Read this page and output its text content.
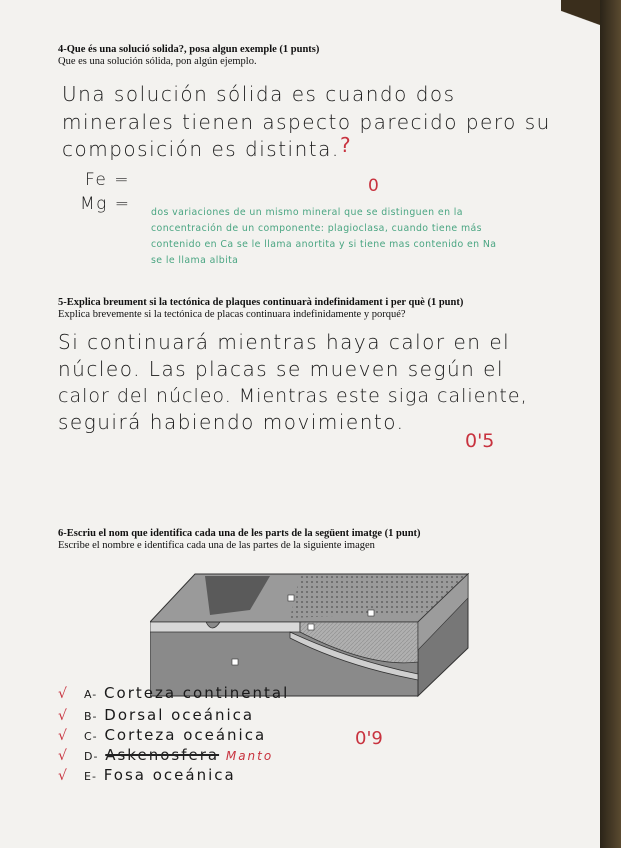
4-Que és una solució solida?, posa algun exemple (1 punts)
Que es una solución sólida, pon algún ejemplo.
Una solución sólida es cuando dos
minerales tienen aspecto parecido pero su
composición es distinta. ?
Fe =
Mg =
0
dos variaciones de un mismo mineral que se distinguen en la
concentración de un componente: plagioclasa, cuando tiene más
contenido en Ca se le llama anortita y si tiene mas contenido en Na
se le llama albita
5-Explica breument si la tectónica de plaques continuarà indefinidament i per què (1 punt)
Explica brevemente si la tectónica de placas continuara indefinidamente y porqué?
Si continuará mientras haya calor en el
núcleo. Las placas se mueven según el
calor del núcleo. Mientras este siga caliente,
seguirá habiendo movimiento.
0'5
6-Escriu el nom que identifica cada una de les parts de la següent imatge (1 punt)
Escribe el nombre e identifica cada una de las partes de la siguiente imagen
√ A- Corteza continental
√ B- Dorsal oceánica
√ C- Corteza oceánica
√ D- Askenosfera Manto
√ E- Fosa oceánica
0'9
